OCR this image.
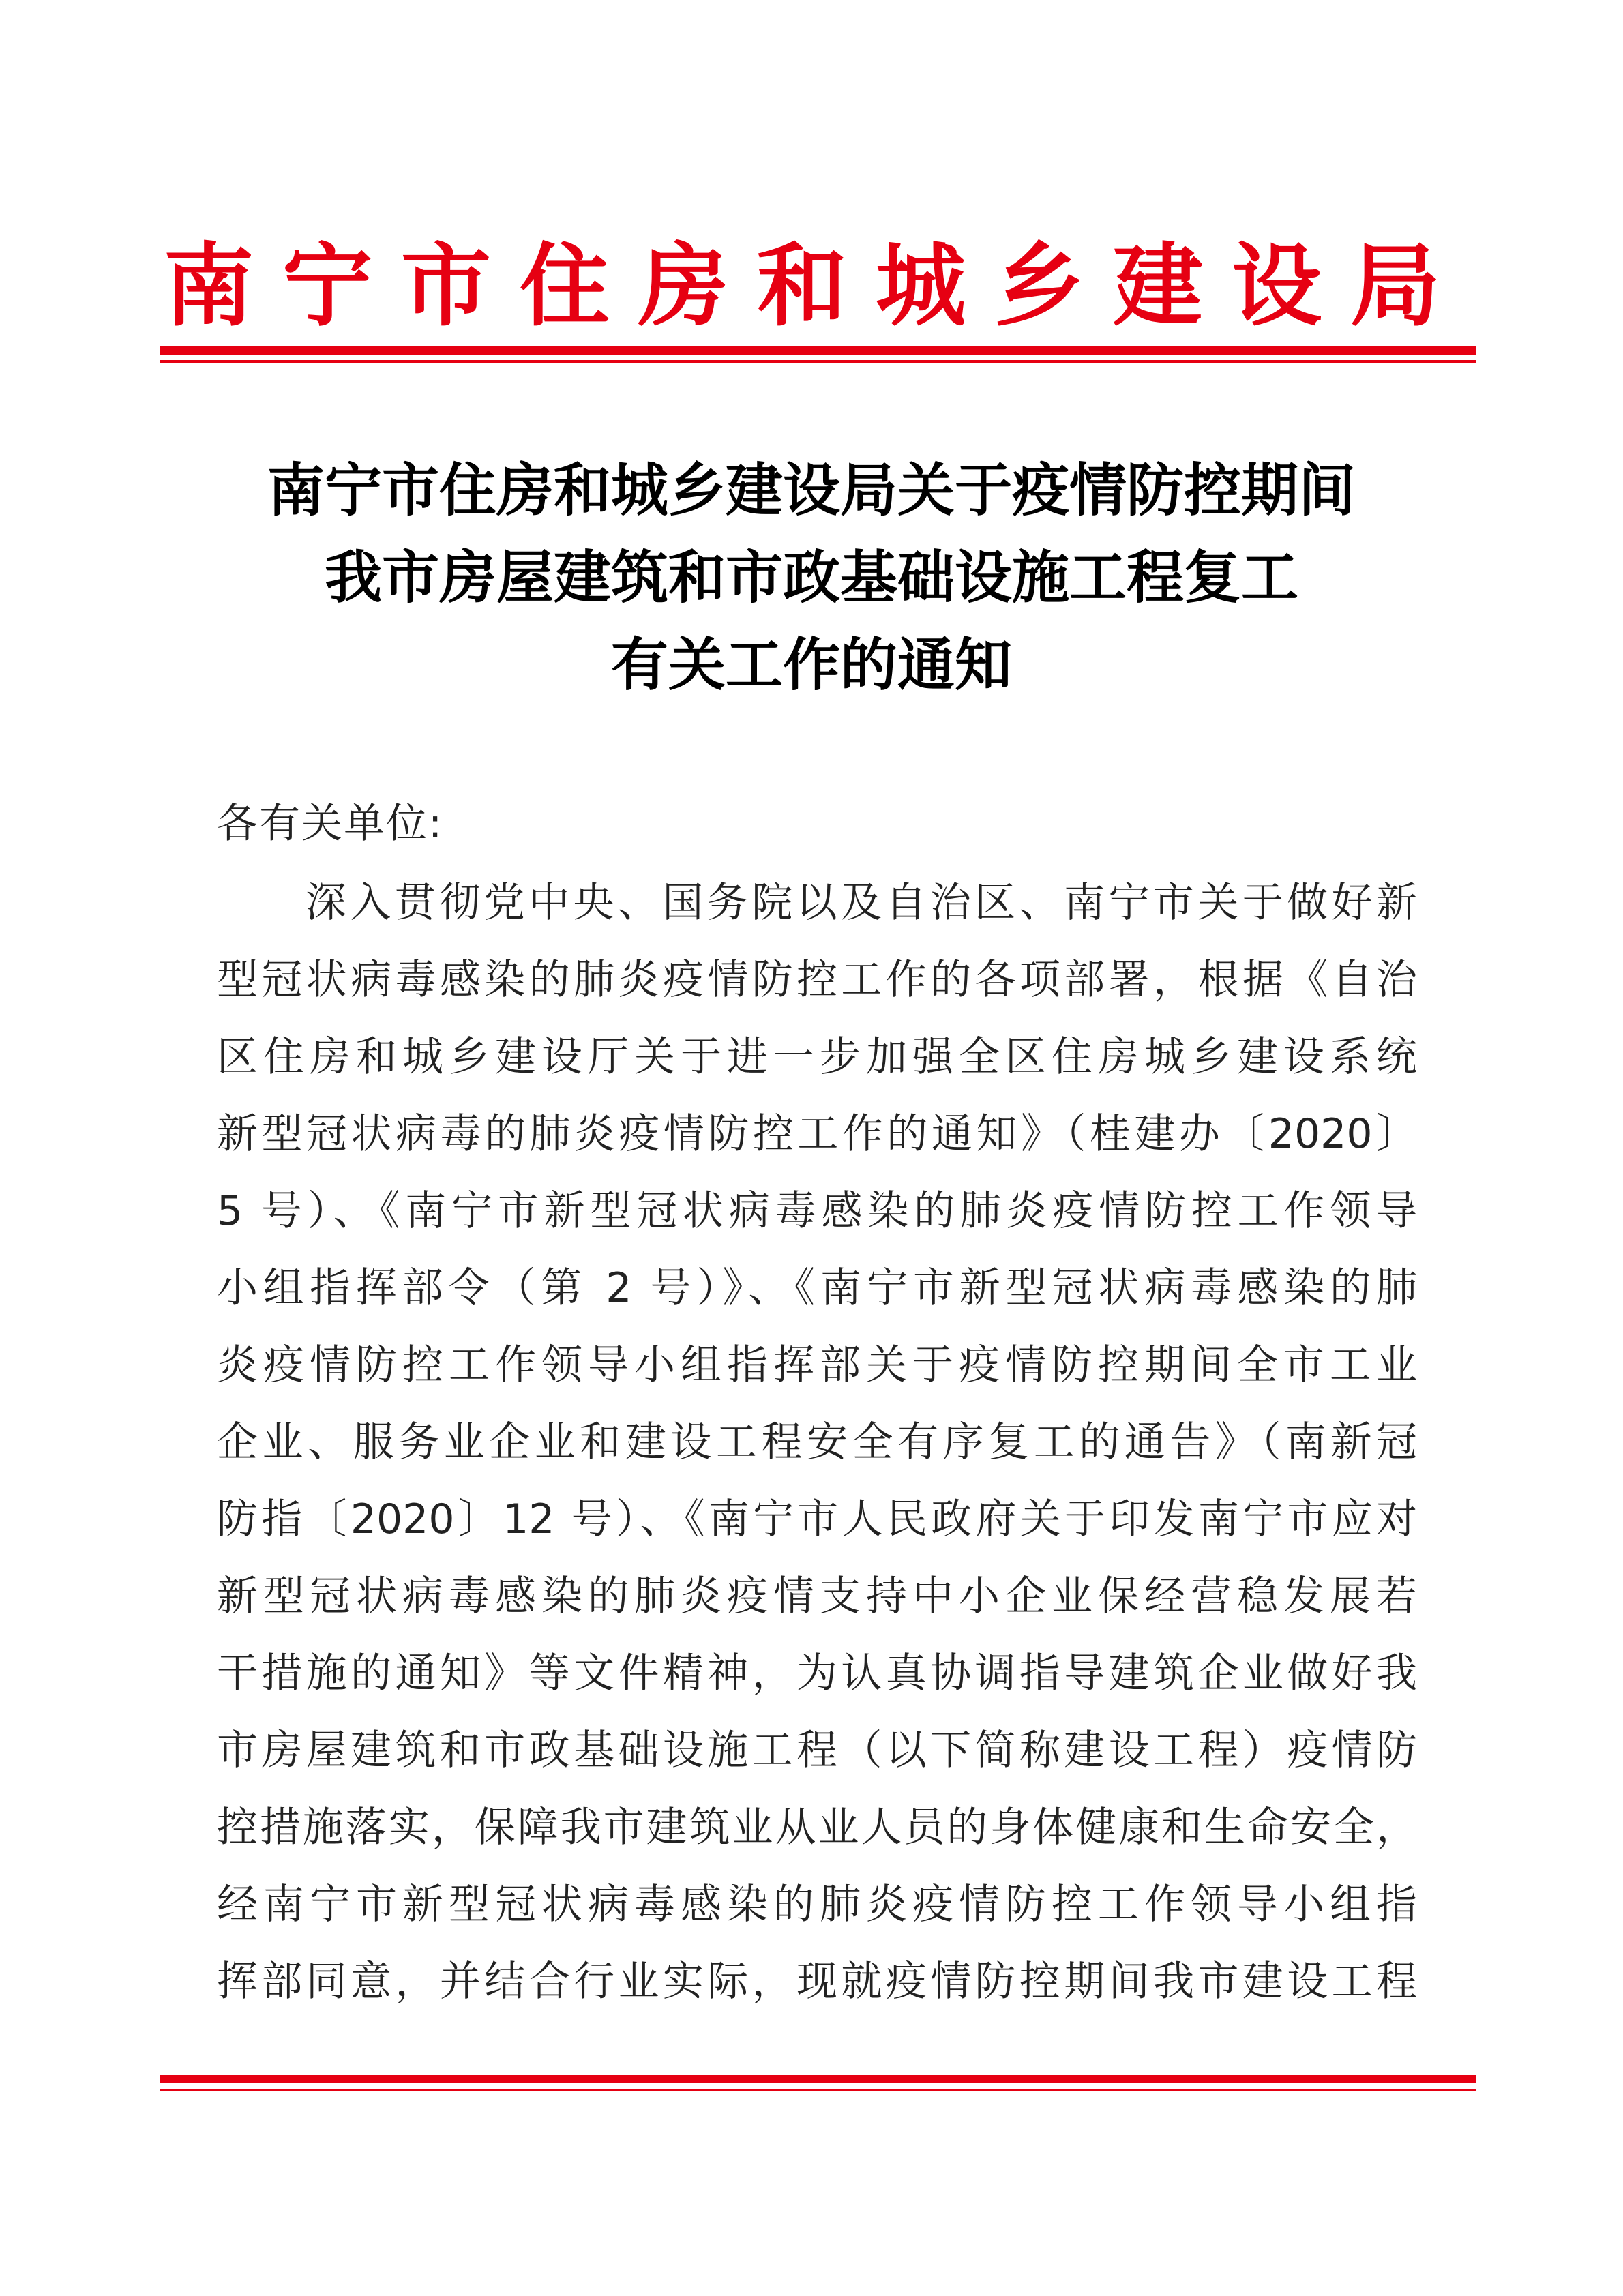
南宁市住房和城乡建设局
南宁市住房和城乡建设局关于疫情防控期间
我市房屋建筑和市政基础设施工程复工
有关工作的通知
各有关单位:
深入贯彻党中央、国务院以及自治区、南宁市关于做好新
型冠状病毒感染的肺炎疫情防控工作的各项部署，根据《自治
区住房和城乡建设厅关于进一步加强全区住房城乡建设系统
新型冠状病毒的肺炎疫情防控工作的通知》（桂建办〔2020〕
5 号）、《南宁市新型冠状病毒感染的肺炎疫情防控工作领导
小组指挥部令（第 2 号）》、《南宁市新型冠状病毒感染的肺
炎疫情防控工作领导小组指挥部关于疫情防控期间全市工业
企业、服务业企业和建设工程安全有序复工的通告》（南新冠
防指〔2020〕12 号）、《南宁市人民政府关于印发南宁市应对
新型冠状病毒感染的肺炎疫情支持中小企业保经营稳发展若
干措施的通知》等文件精神，为认真协调指导建筑企业做好我
市房屋建筑和市政基础设施工程（以下简称建设工程）疫情防
控措施落实，保障我市建筑业从业人员的身体健康和生命安全，
经南宁市新型冠状病毒感染的肺炎疫情防控工作领导小组指
挥部同意，并结合行业实际，现就疫情防控期间我市建设工程
